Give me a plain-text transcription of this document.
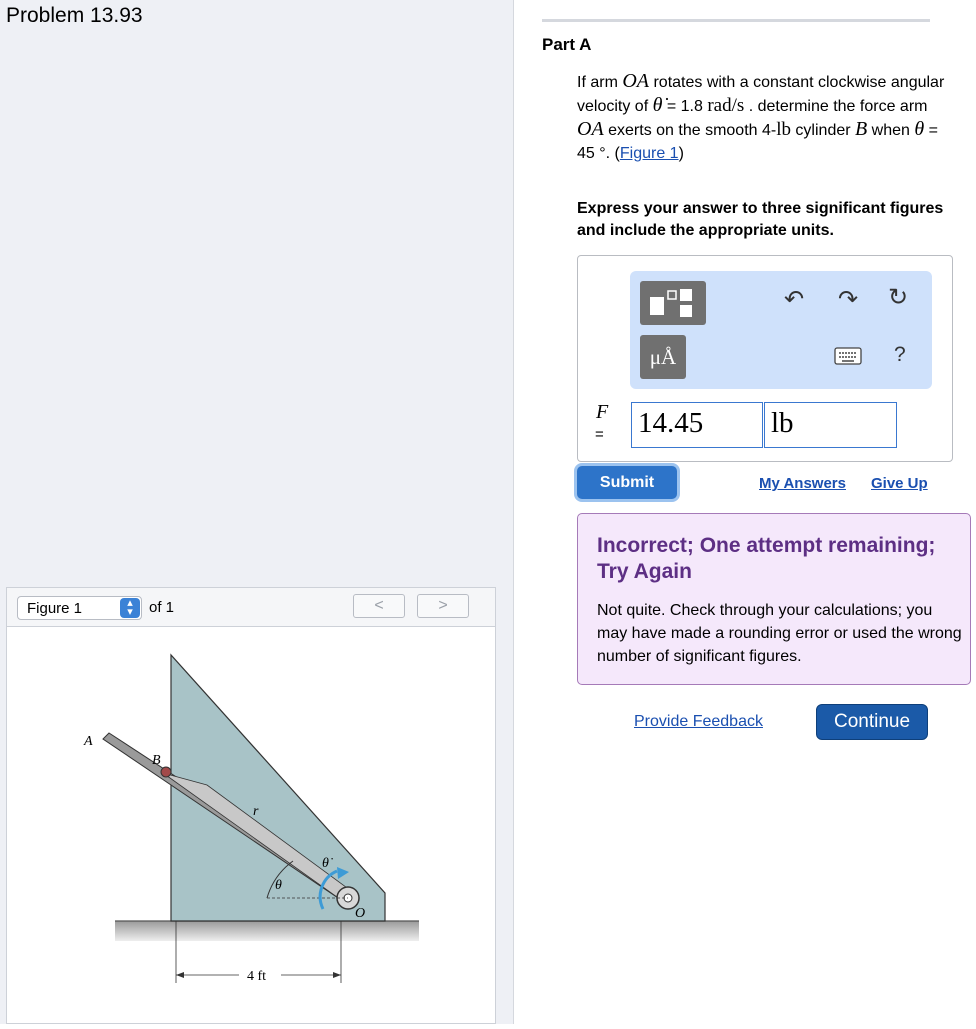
Problem 13.93
Figure 1	▴
▾	of 1	<	>
A
B
r
θ
θ̇
O
4 ft
Part A
If arm OA rotates with a constant clockwise angular velocity of θ̇ = 1.8 rad/s . determine the force arm OA exerts on the smooth 4-lb cylinder B when θ = 45 °. (Figure 1)
Express your answer to three significant figures and include the appropriate units.
μÅ
↶ ↷ ↻
?
F
= 14.45	lb
Submit	My Answers Give Up
Incorrect; One attempt remaining; Try Again
Not quite. Check through your calculations; you may have made a rounding error or used the wrong number of significant figures.
Provide Feedback	Continue
